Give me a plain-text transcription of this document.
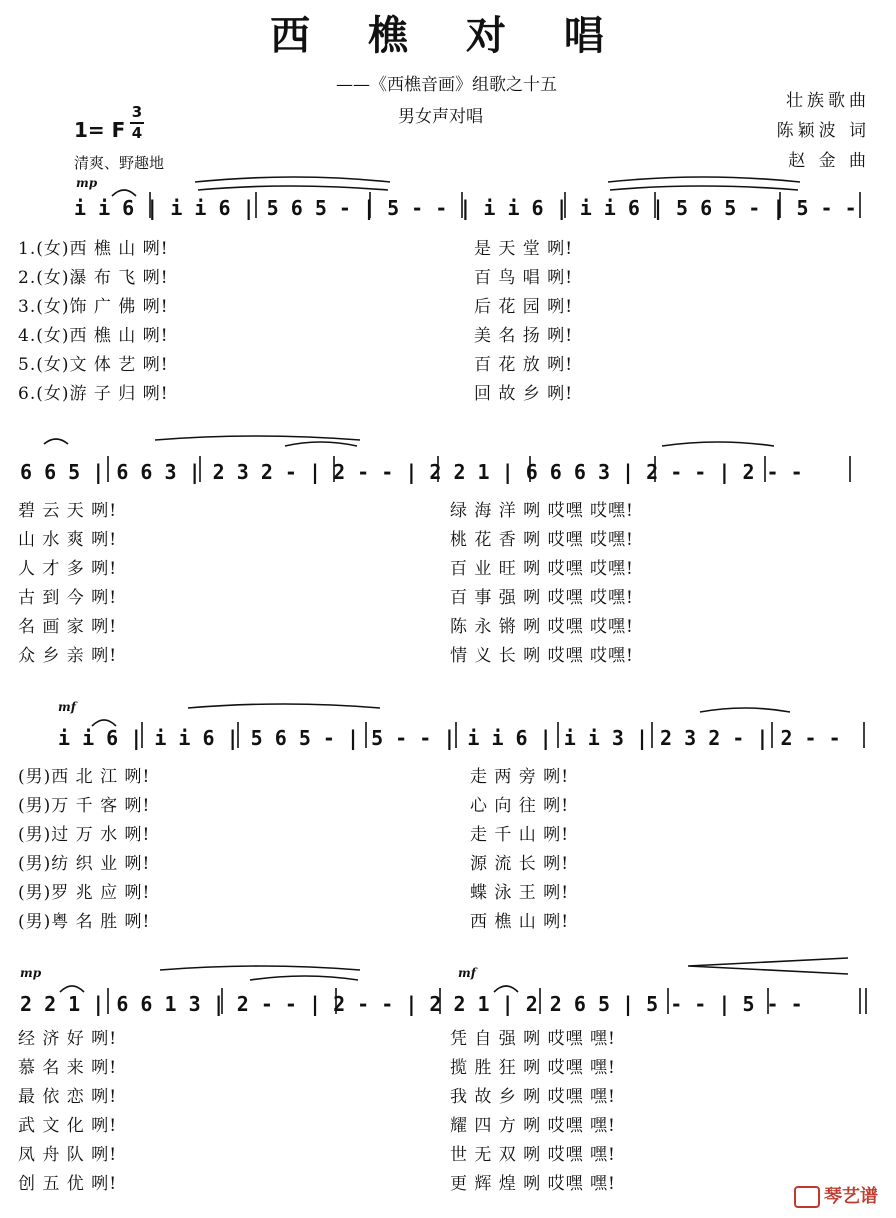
西 樵 对 唱
——《西樵音画》组歌之十五
男女声对唱
壮族歌曲
陈颖波 词
赵 金 曲
1= F
3
4
清爽、野趣地
mp
mf
mp	mf
i i 6 | i i 6 | 5 6 5 - | 5 - - | i i 6 | i i 6 | 5 6 5 - | 5 - -
1.(女)西 樵 山 咧!
2.(女)瀑 布 飞 咧!
3.(女)饰 广 佛 咧!
4.(女)西 樵 山 咧!
5.(女)文 体 艺 咧!
6.(女)游 子 归 咧!
是 天 堂 咧!
百 鸟 唱 咧!
后 花 园 咧!
美 名 扬 咧!
百 花 放 咧!
回 故 乡 咧!
6 6 5 | 6 6 3 | 2 3 2 - | 2 - - | 2 2 1 | 6 6 6 3 | 2 - - | 2 - -
碧 云 天 咧!
山 水 爽 咧!
人 才 多 咧!
古 到 今 咧!
名 画 家 咧!
众 乡 亲 咧!
绿 海 洋 咧 哎嘿 哎嘿!
桃 花 香 咧 哎嘿 哎嘿!
百 业 旺 咧 哎嘿 哎嘿!
百 事 强 咧 哎嘿 哎嘿!
陈 永 锵 咧 哎嘿 哎嘿!
情 义 长 咧 哎嘿 哎嘿!
i i 6 | i i 6 | 5 6 5 - | 5 - - | i i 6 | i i 3 | 2 3 2 - | 2 - -
(男)西 北 江 咧!
(男)万 千 客 咧!
(男)过 万 水 咧!
(男)纺 织 业 咧!
(男)罗 兆 应 咧!
(男)粤 名 胜 咧!
走 两 旁 咧!
心 向 往 咧!
走 千 山 咧!
源 流 长 咧!
蝶 泳 王 咧!
西 樵 山 咧!
2 2 1 | 6 6 1 3 | 2 - - | 2 - - | 2 2 1 | 2 2 6 5 | 5 - - | 5 - -
经 济 好 咧!
慕 名 来 咧!
最 依 恋 咧!
武 文 化 咧!
凤 舟 队 咧!
创 五 优 咧!
凭 自 强 咧 哎嘿 嘿!
揽 胜 狂 咧 哎嘿 嘿!
我 故 乡 咧 哎嘿 嘿!
耀 四 方 咧 哎嘿 嘿!
世 无 双 咧 哎嘿 嘿!
更 辉 煌 咧 哎嘿 嘿!
琴艺谱
